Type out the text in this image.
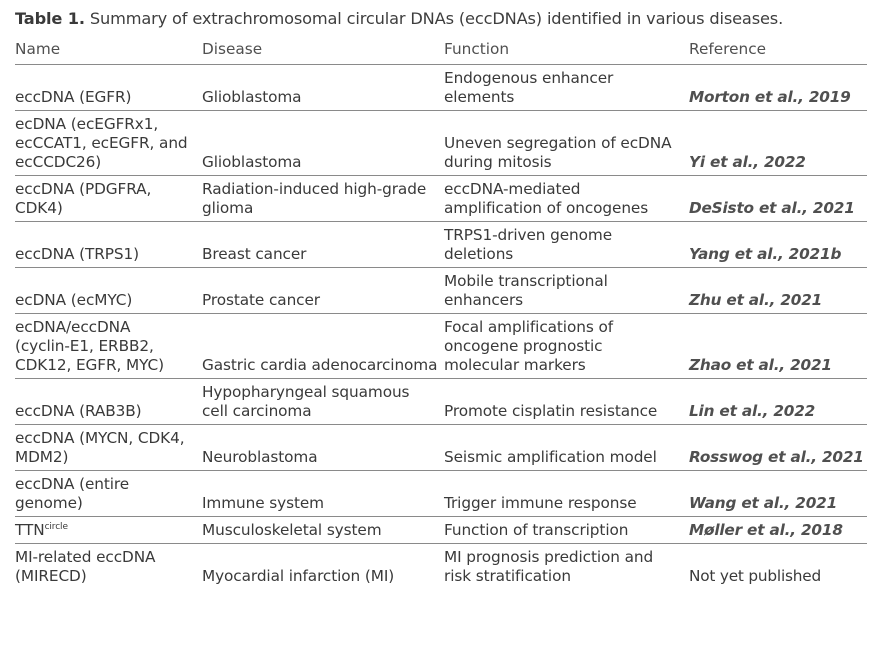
Table 1. Summary of extrachromosomal circular DNAs (eccDNAs) identified in various diseases.
Name	Disease	Function	Reference

eccDNA (EGFR)	Glioblastoma	Endogenous enhancer
elements	Morton et al., 2019

ecDNA (ecEGFRx1,
ecCCAT1, ecEGFR, and
ecCCDC26)	Glioblastoma	Uneven segregation of ecDNA
during mitosis	Yi et al., 2022

eccDNA (PDGFRA,
CDK4)	Radiation-induced high-grade
glioma	eccDNA-mediated
amplification of oncogenes	DeSisto et al., 2021

eccDNA (TRPS1)	Breast cancer	TRPS1-driven genome
deletions	Yang et al., 2021b

ecDNA (ecMYC)	Prostate cancer	Mobile transcriptional
enhancers	Zhu et al., 2021

ecDNA/eccDNA
(cyclin-E1, ERBB2,
CDK12, EGFR, MYC)	Gastric cardia adenocarcinoma	Focal amplifications of
oncogene prognostic
molecular markers	Zhao et al., 2021

eccDNA (RAB3B)	Hypopharyngeal squamous
cell carcinoma	Promote cisplatin resistance	Lin et al., 2022

eccDNA (MYCN, CDK4,
MDM2)	Neuroblastoma	Seismic amplification model	Rosswog et al., 2021

eccDNA (entire
genome)	Immune system	Trigger immune response	Wang et al., 2021
$TTN^{circle}$	Musculoskeletal system	Function of transcription	Møller et al., 2018

MI-related eccDNA
(MIRECD)	Myocardial infarction (MI)	MI prognosis prediction and
risk stratification	Not yet published
